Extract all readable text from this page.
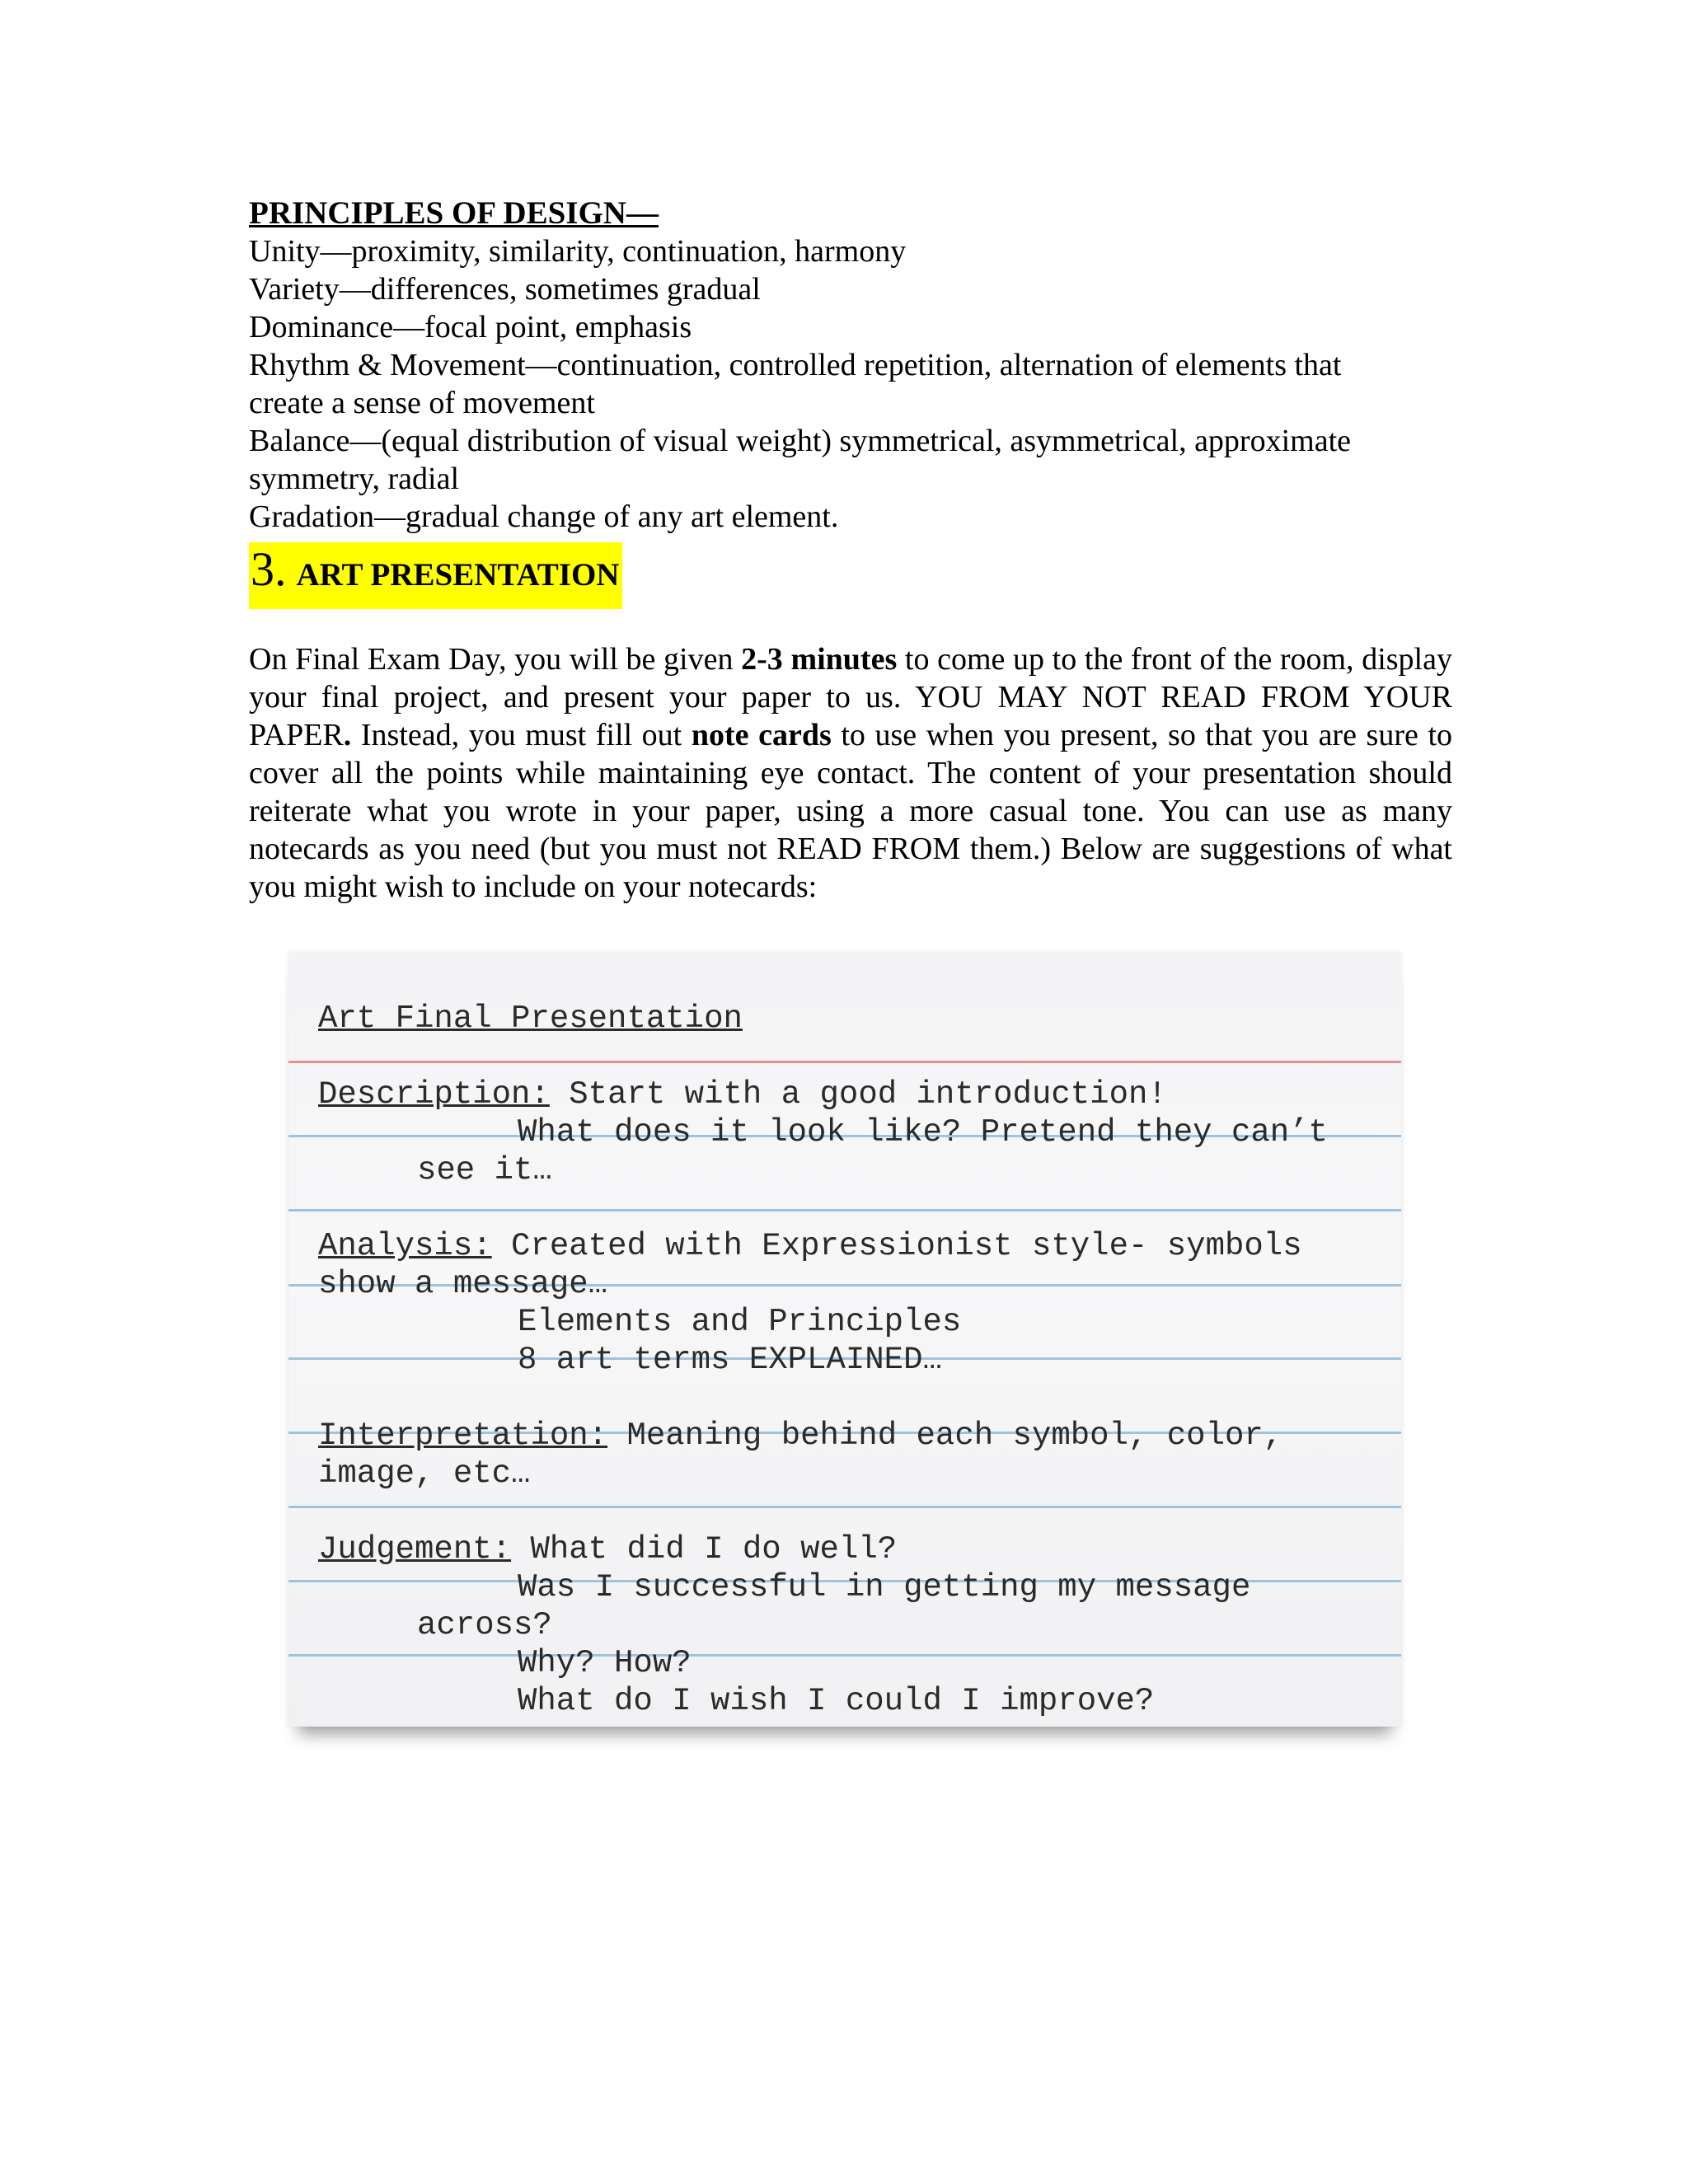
PRINCIPLES OF DESIGN—

Unity—proximity, similarity, continuation, harmony

Variety—differences, sometimes gradual

Dominance—focal point, emphasis

Rhythm & Movement—continuation, controlled repetition, alternation of elements that

create a sense of movement

Balance—(equal distribution of visual weight) symmetrical, asymmetrical, approximate

symmetry, radial

Gradation—gradual change of any art element.

3. ART PRESENTATION

On Final Exam Day, you will be given 2-3 minutes to come up to the front of the room, display your final project, and present your paper to us. YOU MAY NOT READ FROM YOUR PAPER. Instead, you must fill out note cards to use when you present, so that you are sure to cover all the points while maintaining eye contact. The content of your presentation should reiterate what you wrote in your paper, using a more casual tone. You can use as many notecards as you need (but you must not READ FROM them.) Below are suggestions of what you might wish to include on your notecards:

Art Final Presentation
Description: Start with a good introduction!
What does it look like? Pretend they can’t
see it…
Analysis: Created with Expressionist style- symbols
show a message…
Elements and Principles
8 art terms EXPLAINED…
Interpretation: Meaning behind each symbol, color,
image, etc…
Judgement: What did I do well?
Was I successful in getting my message
across?
Why? How?
What do I wish I could I improve?
